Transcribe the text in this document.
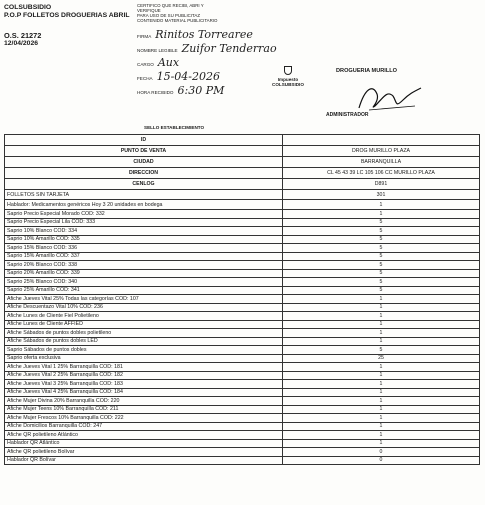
COLSUBSIDIO
P.O.P FOLLETOS DROGUERIAS ABRIL
O.S. 21272
12/04/2026
CERTIFICO QUE RECIBI, ABRI Y
VERIFIQUE
PARA USO DE SU PUBLICITAZ
CONTENIDO MATERIAL PUBLICITARIO
FIRMA Rinitos Torrearee
NOMBRE LEGIBLE Zuifor Tenderrao
CARGO Aux
FECHA 15-04-2026
HORA RECIBIDO 6:30 PM
SELLO ESTABLECIMIENTO
Impuesto
COLSUBSIDIO
DROGUERIA MURILLO
ADMINISTRADOR
ID	
PUNTO DE VENTA	DROG MURILLO PLAZA
CIUDAD	BARRANQUILLA
DIRECCION	CL 45 43 39 LC 105 106 CC MURILLO PLAZA
CENLOG	D891
FOLLETOS SIN TARJETA	301
Hablador: Medicamentos genéricos Hoy 3 20 unidades en bodega	1
Saprio Precio Especial Morado COD: 332	1
Saprio Precio Especial Lila COD: 333	5
Saprio 10% Blanco COD: 334	5
Saprio 10% Amarillo COD: 335	5
Saprio 15% Blanco COD: 336	5
Saprio 15% Amarillo COD: 337	5
Saprio 20% Blanco COD: 338	5
Saprio 20% Amarillo COD: 339	5
Saprio 25% Blanco COD: 340	5
Saprio 25% Amarillo COD: 341	5
Afiche Jueves Vital 25% Todas las categorías COD: 107	1
Afiche Descuentazo Vital 10% COD: 236	1
Afiche Lunes de Cliente Fiel Polietileno	1
Afiche Lunes de Cliente AFFIED	1
Afiche Sábados de puntos dobles polietileno	1
Afiche Sábados de puntos dobles LED	1
Saprio Sábados de puntos dobles	5
Saprio oferta exclusiva	25
Afiche Jueves Vital 1 25% Barranquilla COD: 181	1
Afiche Jueves Vital 2 25% Barranquilla COD: 182	1
Afiche Jueves Vital 3 25% Barranquilla COD: 183	1
Afiche Jueves Vital 4 25% Barranquilla COD: 184	1
Afiche Mujer Divina 20% Barranquilla COD: 220	1
Afiche Mujer Teens 10% Barranquilla COD: 211	1
Afiche Mujer Frescos 10% Barranquilla COD: 222	1
Afiche Domicilios Barranquilla COD: 247	1
Afiche QR polietileno Atlántico	1
Hablador QR Atlántico	1
Afiche QR polietileno Bolívar	0
Hablador QR Bolívar	0
